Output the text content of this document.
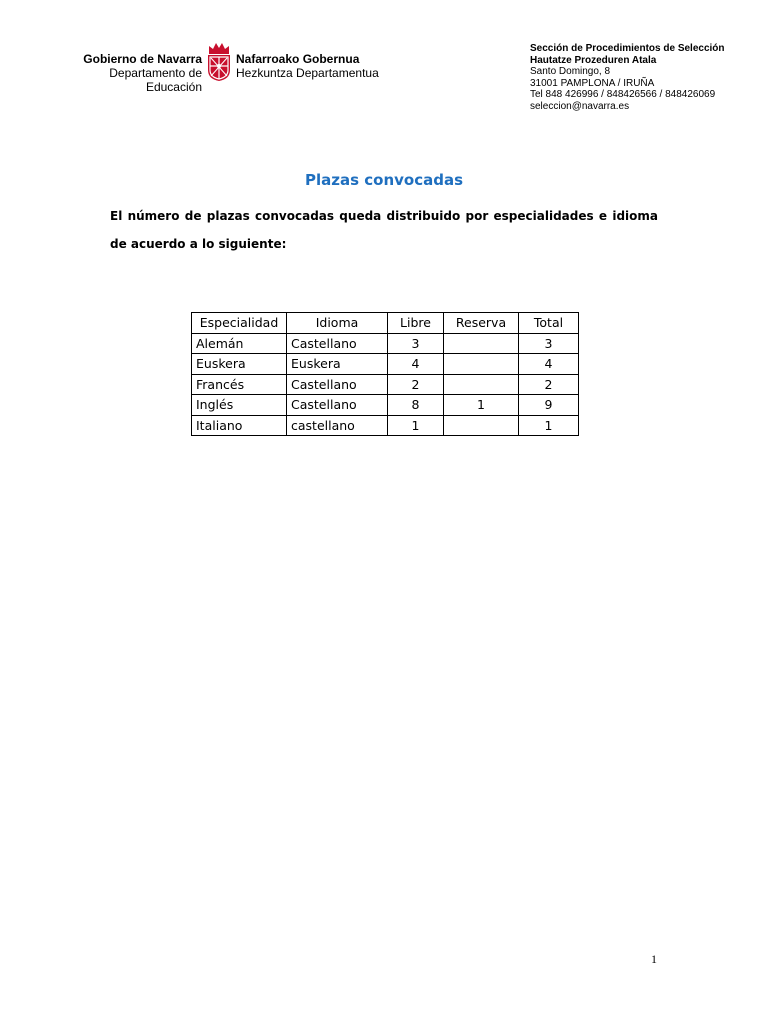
Gobierno de Navarra
Departamento de Educación
Nafarroako Gobernua
Hezkuntza Departamentua
Sección de Procedimientos de Selección
Hautatze Prozeduren Atala
Santo Domingo, 8
31001 PAMPLONA / IRUÑA
Tel 848 426996 / 848426566 / 848426069
seleccion@navarra.es
Plazas convocadas
El número de plazas convocadas queda distribuido por especialidades e idioma de acuerdo a lo siguiente:
Especialidad	Idioma	Libre	Reserva	Total
Alemán	Castellano	3		3
Euskera	Euskera	4		4
Francés	Castellano	2		2
Inglés	Castellano	8	1	9
Italiano	castellano	1		1
1
